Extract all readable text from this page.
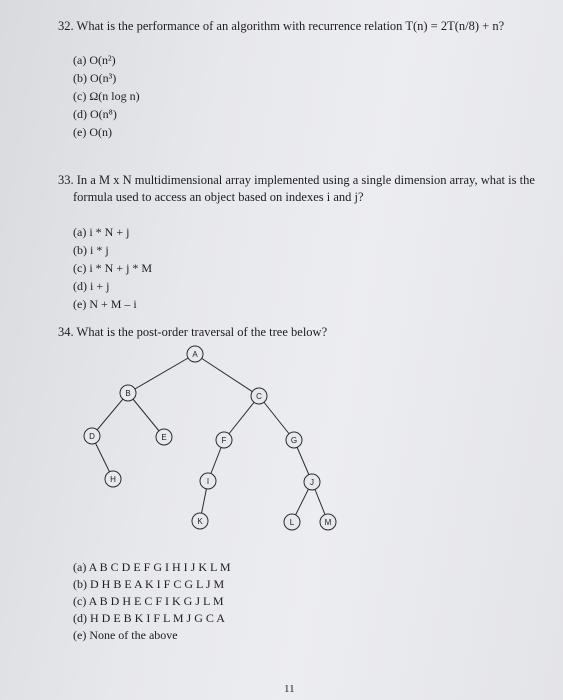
32. What is the performance of an algorithm with recurrence relation T(n) = 2T(n/8) + n?
(a) O(n²)
(b) O(n³)
(c) Ω(n log n)
(d) O(n⁸)
(e) O(n)
33. In a M x N multidimensional array implemented using a single dimension array, what is the
formula used to access an object based on indexes i and j?
(a) i * N + j
(b) i * j
(c) i * N + j * M
(d) i + j
(e) N + M – i
34. What is the post-order traversal of the tree below?
A
B	C
D	E	F	G
H	I	J
K	L	M
(a) A B C D E F G I H I J K L M
(b) D H B E A K I F C G L J M
(c) A B D H E C F I K G J L M
(d) H D E B K I F L M J G C A
(e) None of the above
11
